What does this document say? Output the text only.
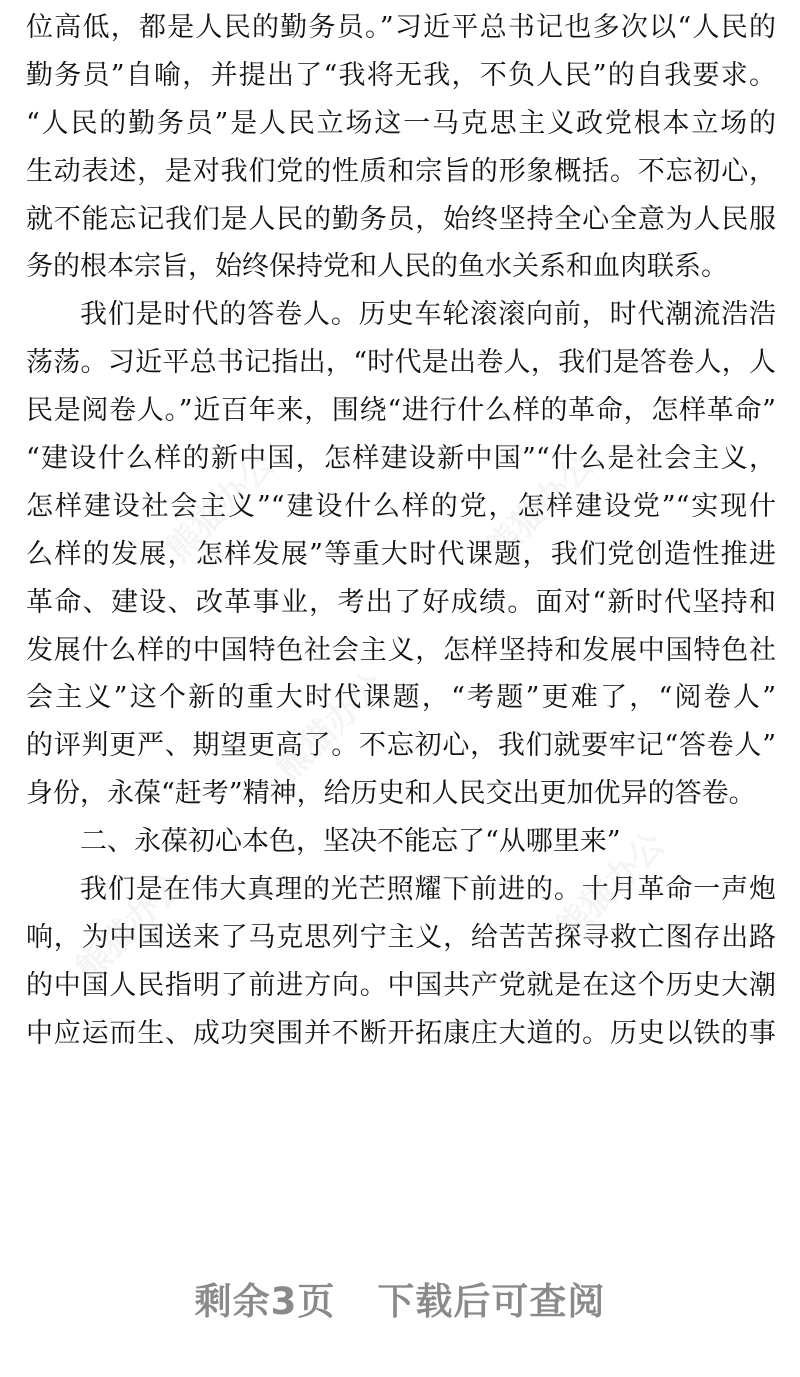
位高低，都是人民的勤务员。”习近平总书记也多次以“人民的
勤务员”自喻，并提出了“我将无我，不负人民”的自我要求。
“人民的勤务员”是人民立场这一马克思主义政党根本立场的
生动表述，是对我们党的性质和宗旨的形象概括。不忘初心，
就不能忘记我们是人民的勤务员，始终坚持全心全意为人民服
务的根本宗旨，始终保持党和人民的鱼水关系和血肉联系。
我们是时代的答卷人。历史车轮滚滚向前，时代潮流浩浩
荡荡。习近平总书记指出，“时代是出卷人，我们是答卷人，人
民是阅卷人。”近百年来，围绕“进行什么样的革命，怎样革命”
“建设什么样的新中国，怎样建设新中国”“什么是社会主义，
怎样建设社会主义”“建设什么样的党，怎样建设党”“实现什
么样的发展，怎样发展”等重大时代课题，我们党创造性推进
革命、建设、改革事业，考出了好成绩。面对“新时代坚持和
发展什么样的中国特色社会主义，怎样坚持和发展中国特色社
会主义”这个新的重大时代课题，“考题”更难了，“阅卷人”
的评判更严、期望更高了。不忘初心，我们就要牢记“答卷人”
身份，永葆“赶考”精神，给历史和人民交出更加优异的答卷。
二、永葆初心本色，坚决不能忘了“从哪里来”
我们是在伟大真理的光芒照耀下前进的。十月革命一声炮
响，为中国送来了马克思列宁主义，给苦苦探寻救亡图存出路
的中国人民指明了前进方向。中国共产党就是在这个历史大潮
中应运而生、成功突围并不断开拓康庄大道的。历史以铁的事
熊猫办公	熊猫办公
熊猫办公
熊猫办公	熊猫办公
剩余3页 下载后可查阅
